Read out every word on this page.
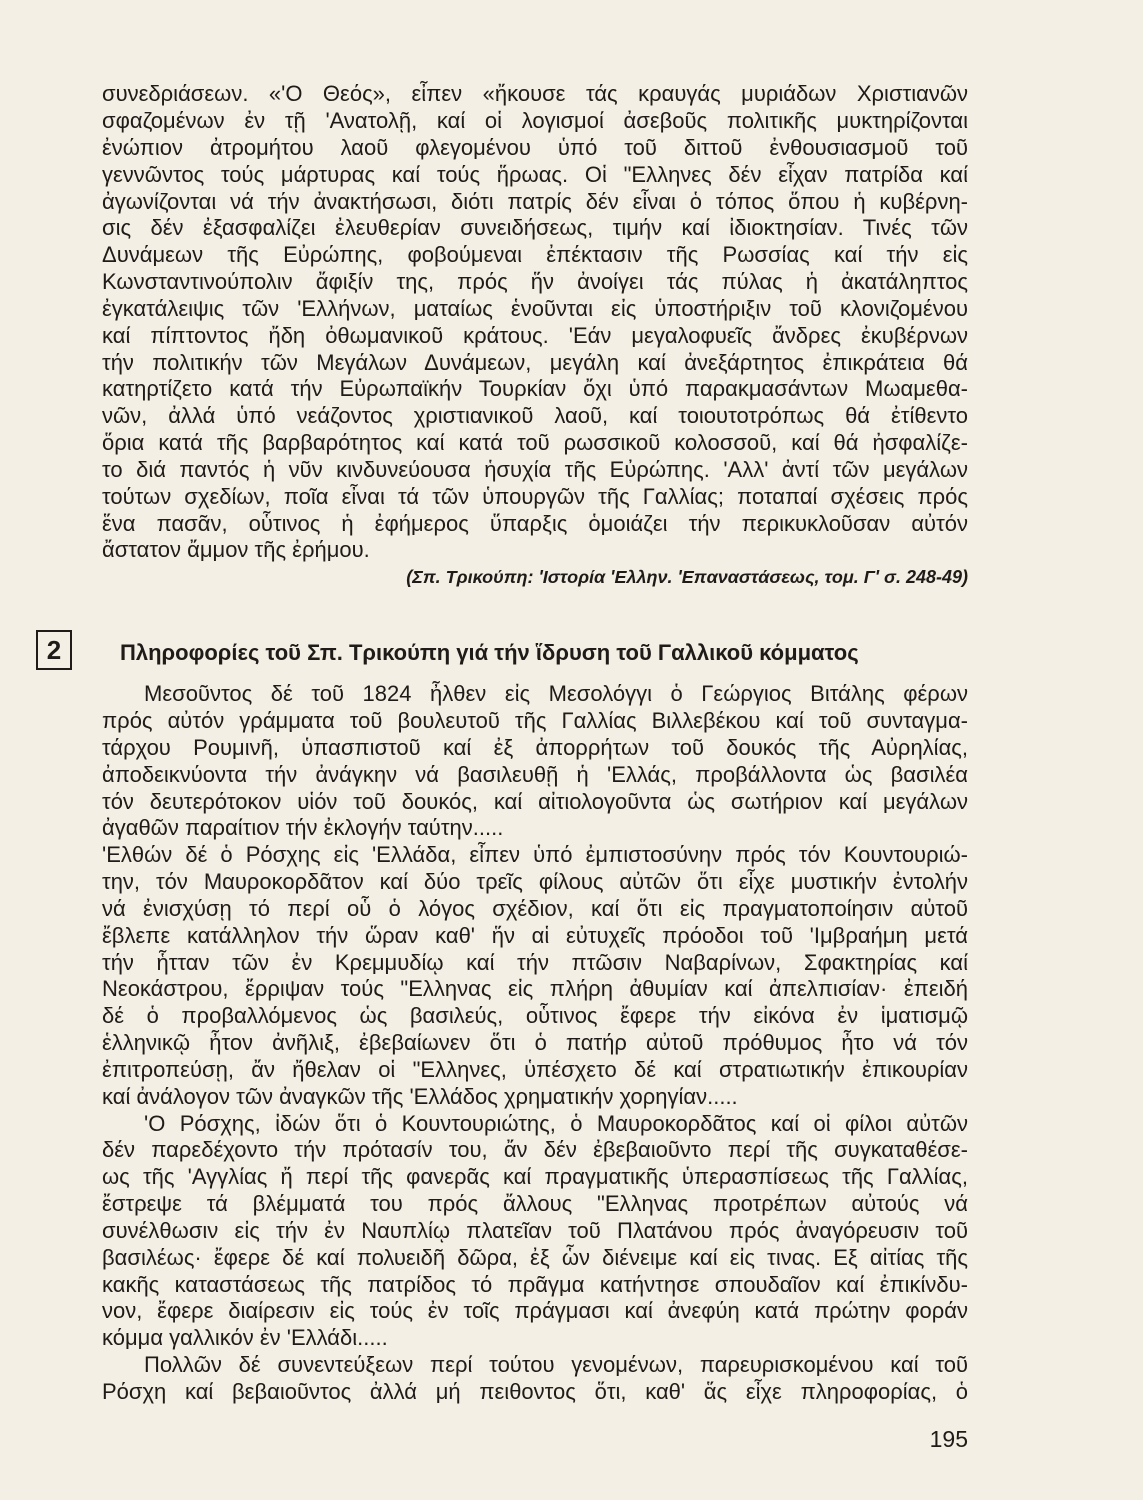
συνεδριάσεων. «'Ο Θεός», εἶπεν «ἤκουσε τάς κραυγάς μυριάδων Χριστιανῶν
σφαζομένων ἐν τῇ 'Ανατολῇ, καί οἱ λογισμοί ἀσεβοῦς πολιτικῆς μυκτηρίζονται
ἐνώπιον ἀτρομήτου λαοῦ φλεγομένου ὑπό τοῦ διττοῦ ἐνθουσιασμοῦ τοῦ
γεννῶντος τούς μάρτυρας καί τούς ἥρωας. Οἱ "Ελληνες δέν εἶχαν πατρίδα καί
ἀγωνίζονται νά τήν ἀνακτήσωσι, διότι πατρίς δέν εἶναι ὁ τόπος ὅπου ἡ κυβέρνη-
σις δέν ἐξασφαλίζει ἐλευθερίαν συνειδήσεως, τιμήν καί ἰδιοκτησίαν. Τινές τῶν
Δυνάμεων τῆς Εὐρώπης, φοβούμεναι ἐπέκτασιν τῆς Ρωσσίας καί τήν εἰς
Κωνσταντινούπολιν ἄφιξίν της, πρός ἥν ἀνοίγει τάς πύλας ἡ ἀκατάληπτος
ἐγκατάλειψις τῶν 'Ελλήνων, ματαίως ἑνοῦνται εἰς ὑποστήριξιν τοῦ κλονιζομένου
καί πίπτοντος ἤδη ὀθωμανικοῦ κράτους. 'Εάν μεγαλοφυεῖς ἄνδρες ἐκυβέρνων
τήν πολιτικήν τῶν Μεγάλων Δυνάμεων, μεγάλη καί ἀνεξάρτητος ἐπικράτεια θά
κατηρτίζετο κατά τήν Εὐρωπαϊκήν Τουρκίαν ὄχι ὑπό παρακμασάντων Μωαμεθα-
νῶν, ἀλλά ὑπό νεάζοντος χριστιανικοῦ λαοῦ, καί τοιουτοτρόπως θά ἐτίθεντο
ὅρια κατά τῆς βαρβαρότητος καί κατά τοῦ ρωσσικοῦ κολοσσοῦ, καί θά ἠσφαλίζε-
το διά παντός ἡ νῦν κινδυνεύουσα ἡσυχία τῆς Εὐρώπης. 'Αλλ' ἀντί τῶν μεγάλων
τούτων σχεδίων, ποῖα εἶναι τά τῶν ὑπουργῶν τῆς Γαλλίας; ποταπαί σχέσεις πρός
ἕνα πασᾶν, οὗτινος ἡ ἐφήμερος ὕπαρξις ὁμοιάζει τήν περικυκλοῦσαν αὐτόν
ἄστατον ἄμμον τῆς ἐρήμου.
(Σπ. Τρικούπη: 'Ιστορία 'Ελλην. 'Επαναστάσεως, τομ. Γ' σ. 248-49)
2	Πληροφορίες τοῦ Σπ. Τρικούπη γιά τήν ἵδρυση τοῦ Γαλλικοῦ κόμματος
Μεσοῦντος δέ τοῦ 1824 ἦλθεν εἰς Μεσολόγγι ὁ Γεώργιος Βιτάλης φέρων
πρός αὐτόν γράμματα τοῦ βουλευτοῦ τῆς Γαλλίας Βιλλεβέκου καί τοῦ συνταγμα-
τάρχου Ρουμινῆ, ὑπασπιστοῦ καί ἐξ ἀπορρήτων τοῦ δουκός τῆς Αὐρηλίας,
ἀποδεικνύοντα τήν ἀνάγκην νά βασιλευθῇ ἡ 'Ελλάς, προβάλλοντα ὡς βασιλέα
τόν δευτερότοκον υἱόν τοῦ δουκός, καί αἰτιολογοῦντα ὡς σωτήριον καί μεγάλων
ἀγαθῶν παραίτιον τήν ἐκλογήν ταύτην.....
'Ελθών δέ ὁ Ρόσχης εἰς 'Ελλάδα, εἶπεν ὑπό ἐμπιστοσύνην πρός τόν Κουντουριώ-
την, τόν Μαυροκορδᾶτον καί δύο τρεῖς φίλους αὐτῶν ὅτι εἶχε μυστικήν ἐντολήν
νά ἐνισχύσῃ τό περί οὗ ὁ λόγος σχέδιον, καί ὅτι εἰς πραγματοποίησιν αὐτοῦ
ἔβλεπε κατάλληλον τήν ὥραν καθ' ἥν αἱ εὐτυχεῖς πρόοδοι τοῦ 'Ιμβραήμη μετά
τήν ἧτταν τῶν ἐν Κρεμμυδίῳ καί τήν πτῶσιν Ναβαρίνων, Σφακτηρίας καί
Νεοκάστρου, ἔρριψαν τούς "Ελληνας εἰς πλήρη ἀθυμίαν καί ἀπελπισίαν· ἐπειδή
δέ ὁ προβαλλόμενος ὡς βασιλεύς, οὗτινος ἔφερε τήν εἰκόνα ἐν ἱματισμῷ
ἑλληνικῷ ἦτον ἀνῆλιξ, ἐβεβαίωνεν ὅτι ὁ πατήρ αὐτοῦ πρόθυμος ἦτο νά τόν
ἐπιτροπεύσῃ, ἄν ἤθελαν οἱ "Ελληνες, ὑπέσχετο δέ καί στρατιωτικήν ἐπικουρίαν
καί ἀνάλογον τῶν ἀναγκῶν τῆς 'Ελλάδος χρηματικήν χορηγίαν.....
'Ο Ρόσχης, ἰδών ὅτι ὁ Κουντουριώτης, ὁ Μαυροκορδᾶτος καί οἱ φίλοι αὐτῶν
δέν παρεδέχοντο τήν πρότασίν του, ἄν δέν ἐβεβαιοῦντο περί τῆς συγκαταθέσε-
ως τῆς 'Αγγλίας ἤ περί τῆς φανερᾶς καί πραγματικῆς ὑπερασπίσεως τῆς Γαλλίας,
ἔστρεψε τά βλέμματά του πρός ἄλλους "Ελληνας προτρέπων αὐτούς νά
συνέλθωσιν εἰς τήν ἐν Ναυπλίῳ πλατεῖαν τοῦ Πλατάνου πρός ἀναγόρευσιν τοῦ
βασιλέως· ἔφερε δέ καί πολυειδῆ δῶρα, ἐξ ὧν διένειμε καί εἰς τινας. Εξ αἰτίας τῆς
κακῆς καταστάσεως τῆς πατρίδος τό πρᾶγμα κατήντησε σπουδαῖον καί ἐπικίνδυ-
νον, ἔφερε διαίρεσιν εἰς τούς ἐν τοῖς πράγμασι καί ἀνεφύη κατά πρώτην φοράν
κόμμα γαλλικόν ἐν 'Ελλάδι.....
Πολλῶν δέ συνεντεύξεων περί τούτου γενομένων, παρευρισκομένου καί τοῦ
Ρόσχη καί βεβαιοῦντος ἀλλά μή πειθοντος ὅτι, καθ' ἅς εἶχε πληροφορίας, ὁ
195
